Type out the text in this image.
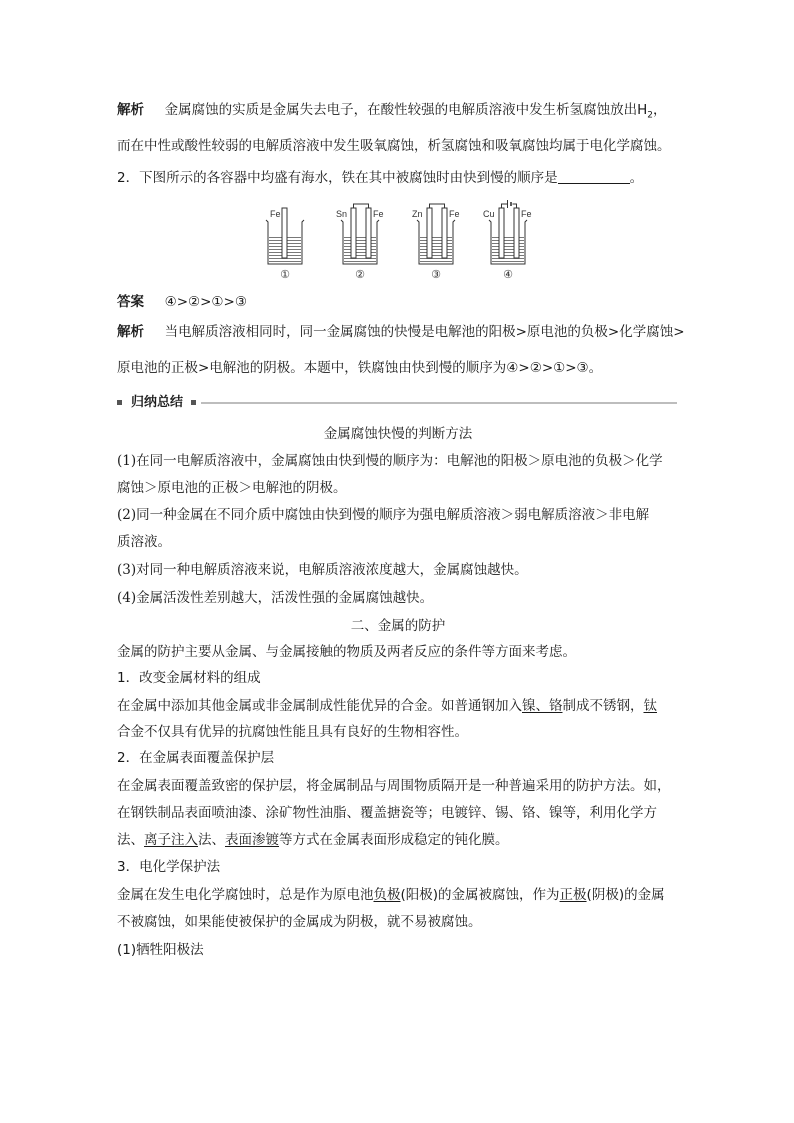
解析 金属腐蚀的实质是金属失去电子，在酸性较强的电解质溶液中发生析氢腐蚀放出$H_2$，
而在中性或酸性较弱的电解质溶液中发生吸氧腐蚀，析氢腐蚀和吸氧腐蚀均属于电化学腐蚀。
2．下图所示的各容器中均盛有海水，铁在其中被腐蚀时由快到慢的顺序是	。
Fe
①
Sn	Fe
②
Zn	Fe
③
Cu	Fe
④
答案 ④>②>①>③
解析 当电解质溶液相同时，同一金属腐蚀的快慢是电解池的阳极>原电池的负极>化学腐蚀>
原电池的正极>电解池的阴极。本题中，铁腐蚀由快到慢的顺序为④>②>①>③。
归纳总结
金属腐蚀快慢的判断方法
(1)在同一电解质溶液中，金属腐蚀由快到慢的顺序为：电解池的阳极＞原电池的负极＞化学
腐蚀＞原电池的正极＞电解池的阴极。
(2)同一种金属在不同介质中腐蚀由快到慢的顺序为强电解质溶液＞弱电解质溶液＞非电解
质溶液。
(3)对同一种电解质溶液来说，电解质溶液浓度越大，金属腐蚀越快。
(4)金属活泼性差别越大，活泼性强的金属腐蚀越快。
二、金属的防护
金属的防护主要从金属、与金属接触的物质及两者反应的条件等方面来考虑。
1．改变金属材料的组成
在金属中添加其他金属或非金属制成性能优异的合金。如普通钢加入镍、铬制成不锈钢，钛
合金不仅具有优异的抗腐蚀性能且具有良好的生物相容性。
2．在金属表面覆盖保护层
在金属表面覆盖致密的保护层，将金属制品与周围物质隔开是一种普遍采用的防护方法。如，
在钢铁制品表面喷油漆、涂矿物性油脂、覆盖搪瓷等；电镀锌、锡、铬、镍等，利用化学方
法、离子注入法、表面渗镀等方式在金属表面形成稳定的钝化膜。
3．电化学保护法
金属在发生电化学腐蚀时，总是作为原电池负极(阳极)的金属被腐蚀，作为正极(阴极)的金属
不被腐蚀，如果能使被保护的金属成为阴极，就不易被腐蚀。
(1)牺牲阳极法
